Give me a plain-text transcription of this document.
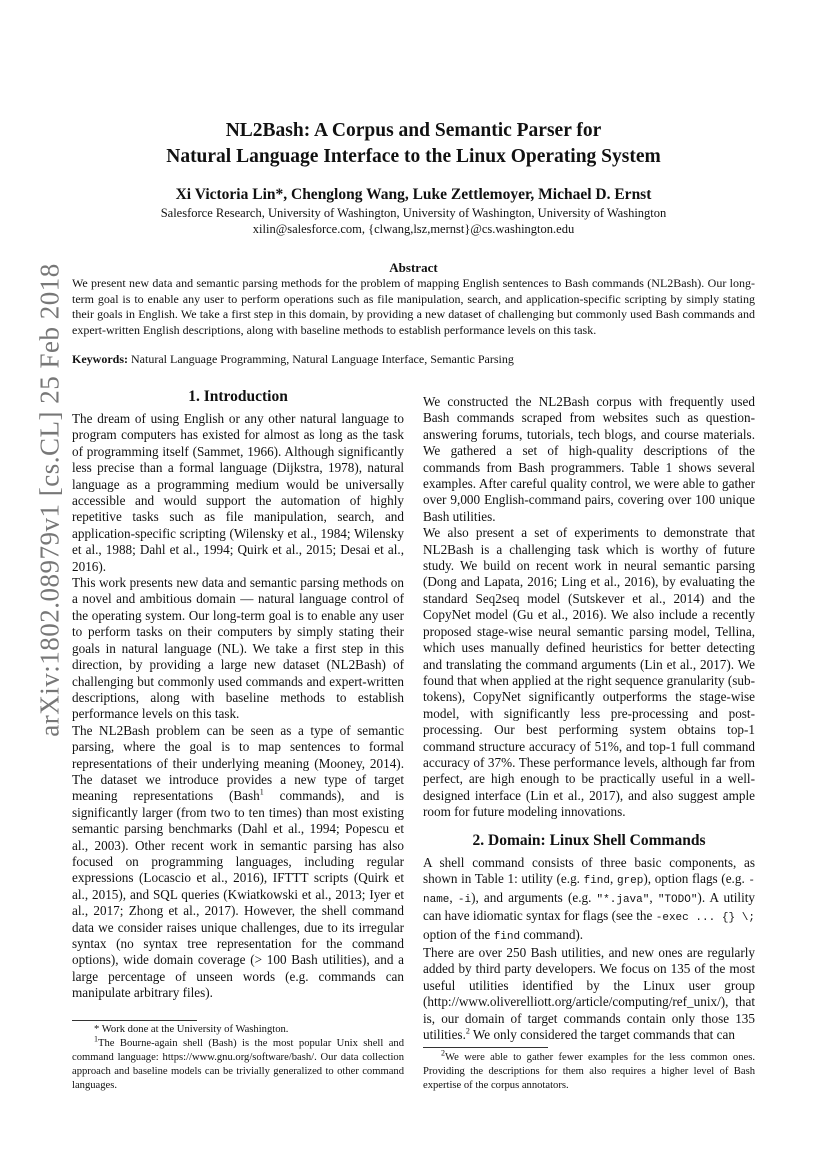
arXiv:1802.08979v1 [cs.CL] 25 Feb 2018
NL2Bash: A Corpus and Semantic Parser for
Natural Language Interface to the Linux Operating System
Xi Victoria Lin*, Chenglong Wang, Luke Zettlemoyer, Michael D. Ernst
Salesforce Research, University of Washington, University of Washington, University of Washington
xilin@salesforce.com, {clwang,lsz,mernst}@cs.washington.edu
Abstract
We present new data and semantic parsing methods for the problem of mapping English sentences to Bash commands (NL2Bash). Our long-term goal is to enable any user to perform operations such as file manipulation, search, and application-specific scripting by simply stating their goals in English. We take a first step in this domain, by providing a new dataset of challenging but commonly used Bash commands and expert-written English descriptions, along with baseline methods to establish performance levels on this task.
Keywords: Natural Language Programming, Natural Language Interface, Semantic Parsing
1. Introduction

The dream of using English or any other natural language to program computers has existed for almost as long as the task of programming itself (Sammet, 1966). Although significantly less precise than a formal language (Dijkstra, 1978), natural language as a programming medium would be universally accessible and would support the automation of highly repetitive tasks such as file manipulation, search, and application-specific scripting (Wilensky et al., 1984; Wilensky et al., 1988; Dahl et al., 1994; Quirk et al., 2015; Desai et al., 2016).

This work presents new data and semantic parsing methods on a novel and ambitious domain — natural language control of the operating system. Our long-term goal is to enable any user to perform tasks on their computers by simply stating their goals in natural language (NL). We take a first step in this direction, by providing a large new dataset (NL2Bash) of challenging but commonly used commands and expert-written descriptions, along with baseline methods to establish performance levels on this task.

The NL2Bash problem can be seen as a type of semantic parsing, where the goal is to map sentences to formal representations of their underlying meaning (Mooney, 2014). The dataset we introduce provides a new type of target meaning representations (Bash$^1$ commands), and is significantly larger (from two to ten times) than most existing semantic parsing benchmarks (Dahl et al., 1994; Popescu et al., 2003). Other recent work in semantic parsing has also focused on programming languages, including regular expressions (Locascio et al., 2016), IFTTT scripts (Quirk et al., 2015), and SQL queries (Kwiatkowski et al., 2013; Iyer et al., 2017; Zhong et al., 2017). However, the shell command data we consider raises unique challenges, due to its irregular syntax (no syntax tree representation for the command options), wide domain coverage (> 100 Bash utilities), and a large percentage of unseen words (e.g. commands can manipulate arbitrary files).

* Work done at the University of Washington.
$^1$The Bourne-again shell (Bash) is the most popular Unix shell and command language: https://www.gnu.org/software/bash/. Our data collection approach and baseline models can be trivially generalized to other command languages.

We constructed the NL2Bash corpus with frequently used Bash commands scraped from websites such as question-answering forums, tutorials, tech blogs, and course materials. We gathered a set of high-quality descriptions of the commands from Bash programmers. Table 1 shows several examples. After careful quality control, we were able to gather over 9,000 English-command pairs, covering over 100 unique Bash utilities.

We also present a set of experiments to demonstrate that NL2Bash is a challenging task which is worthy of future study. We build on recent work in neural semantic parsing (Dong and Lapata, 2016; Ling et al., 2016), by evaluating the standard Seq2seq model (Sutskever et al., 2014) and the CopyNet model (Gu et al., 2016). We also include a recently proposed stage-wise neural semantic parsing model, Tellina, which uses manually defined heuristics for better detecting and translating the command arguments (Lin et al., 2017). We found that when applied at the right sequence granularity (sub-tokens), CopyNet significantly outperforms the stage-wise model, with significantly less pre-processing and post-processing. Our best performing system obtains top-1 command structure accuracy of 51%, and top-1 full command accuracy of 37%. These performance levels, although far from perfect, are high enough to be practically useful in a well-designed interface (Lin et al., 2017), and also suggest ample room for future modeling innovations.

2. Domain: Linux Shell Commands

A shell command consists of three basic components, as shown in Table 1: utility (e.g. find, grep), option flags (e.g. -name, -i), and arguments (e.g. "*.java", "TODO"). A utility can have idiomatic syntax for flags (see the -exec ... {} \; option of the find command).

There are over 250 Bash utilities, and new ones are regularly added by third party developers. We focus on 135 of the most useful utilities identified by the Linux user group (http://www.oliverelliott.org/article/computing/ref_unix/), that is, our domain of target commands contain only those 135 utilities.$^2$ We only considered the target commands that can

$^2$We were able to gather fewer examples for the less common ones. Providing the descriptions for them also requires a higher level of Bash expertise of the corpus annotators.
